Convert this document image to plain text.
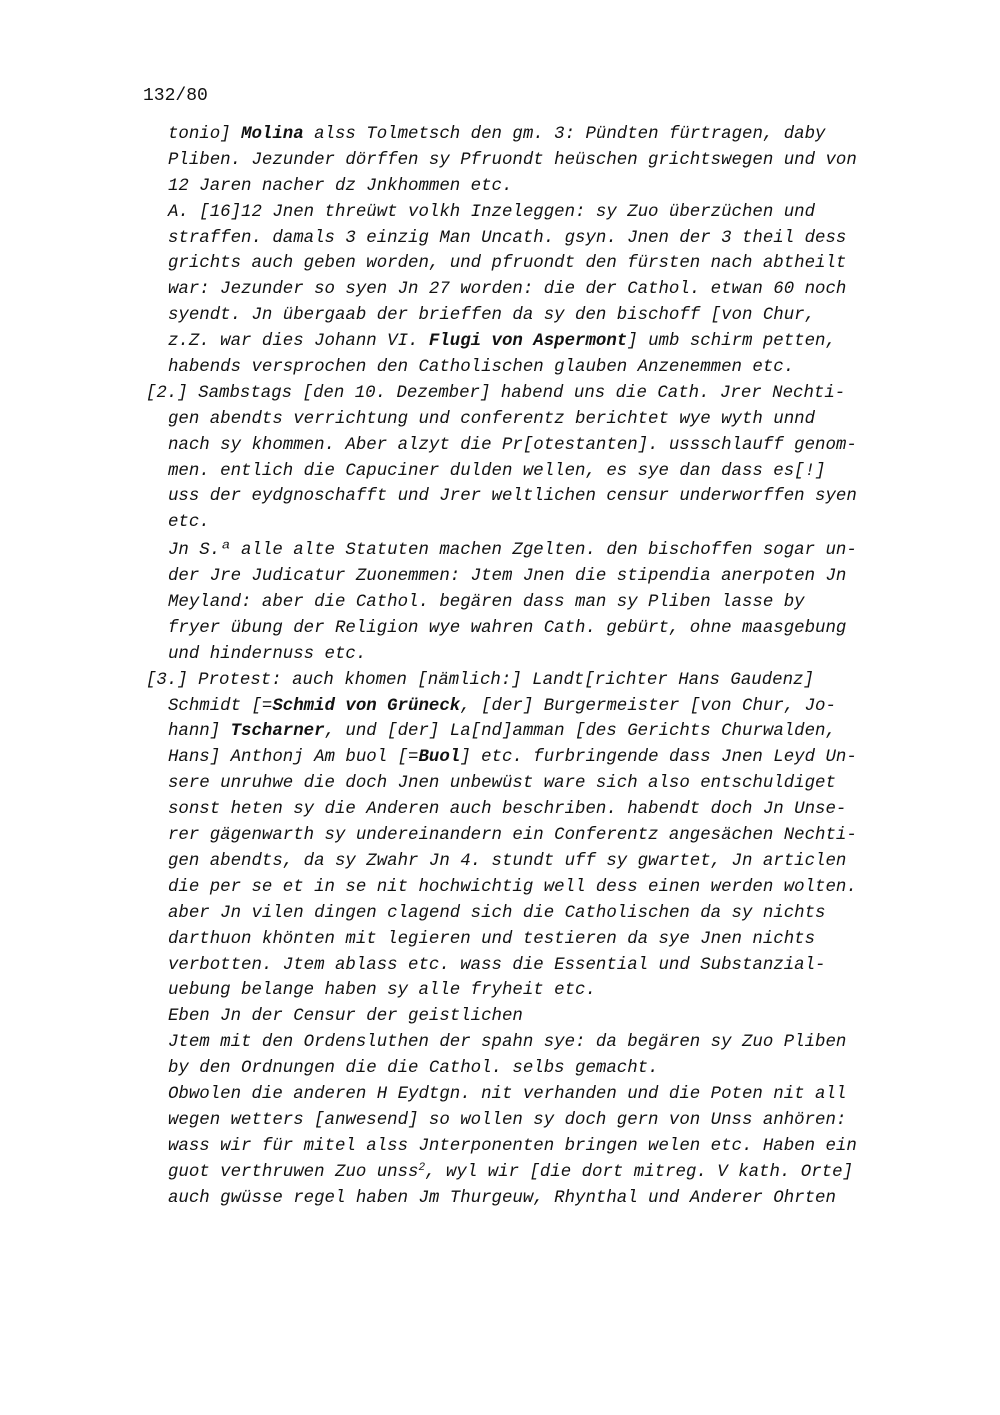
132/80
tonio] Molina alss Tolmetsch den gm. 3: Pündten fürtragen, daby
Pliben. Jezunder dörffen sy Pfruondt heüschen grichtswegen und von
12 Jaren nacher dz Jnkhommen etc.
A. [16]12 Jnen threüwt volkh Inzeleggen: sy Zuo überzüchen und
straffen. damals 3 einzig Man Uncath. gsyn. Jnen der 3 theil dess
grichts auch geben worden, und pfruondt den fürsten nach abtheilt
war: Jezunder so syen Jn 27 worden: die der Cathol. etwan 60 noch
syendt. Jn übergaab der brieffen da sy den bischoff [von Chur,
z.Z. war dies Johann VI. Flugi von Aspermont] umb schirm petten,
habends versprochen den Catholischen glauben Anzenemmen etc.
[2.] Sambstags [den 10. Dezember] habend uns die Cath. Jrer Nechti-
gen abendts verrichtung und conferentz berichtet wye wyth unnd
nach sy khommen. Aber alzyt die Pr[otestanten]. ussschlauff genom-
men. entlich die Capuciner dulden wellen, es sye dan dass es[!]
uss der eydgnoschafft und Jrer weltlichen censur underworffen syen
etc.
Jn S.ª alle alte Statuten machen Zgelten. den bischoffen sogar un-
der Jre Judicatur Zuonemmen: Jtem Jnen die stipendia anerpoten Jn
Meyland: aber die Cathol. begären dass man sy Pliben lasse by
fryer übung der Religion wye wahren Cath. gebürt, ohne maasgebung
und hindernuss etc.
[3.] Protest: auch khomen [nämlich:] Landt[richter Hans Gaudenz]
Schmidt [=Schmid von Grüneck, [der] Burgermeister [von Chur, Jo-
hann] Tscharner, und [der] La[nd]amman [des Gerichts Churwalden,
Hans] Anthonj Am buol [=Buol] etc. furbringende dass Jnen Leyd Un-
sere unruhwe die doch Jnen unbewüst ware sich also entschuldiget
sonst heten sy die Anderen auch beschriben. habendt doch Jn Unse-
rer gägenwarth sy undereinandern ein Conferentz angesächen Nechti-
gen abendts, da sy Zwahr Jn 4. stundt uff sy gwartet, Jn articlen
die per se et in se nit hochwichtig well dess einen werden wolten.
aber Jn vilen dingen clagend sich die Catholischen da sy nichts
darthuon khönten mit legieren und testieren da sye Jnen nichts
verbotten. Jtem ablass etc. wass die Essential und Substanzial-
uebung belange haben sy alle fryheit etc.
Eben Jn der Censur der geistlichen
Jtem mit den Ordensluthen der spahn sye: da begären sy Zuo Pliben
by den Ordnungen die die Cathol. selbs gemacht.
Obwolen die anderen H Eydtgn. nit verhanden und die Poten nit all
wegen wetters [anwesend] so wollen sy doch gern von Unss anhören:
wass wir für mitel alss Jnterponenten bringen welen etc. Haben ein
guot verthruwen Zuo unss$^2$, wyl wir [die dort mitreg. V kath. Orte]
auch gwüsse regel haben Jm Thurgeuw, Rhynthal und Anderer Ohrten
